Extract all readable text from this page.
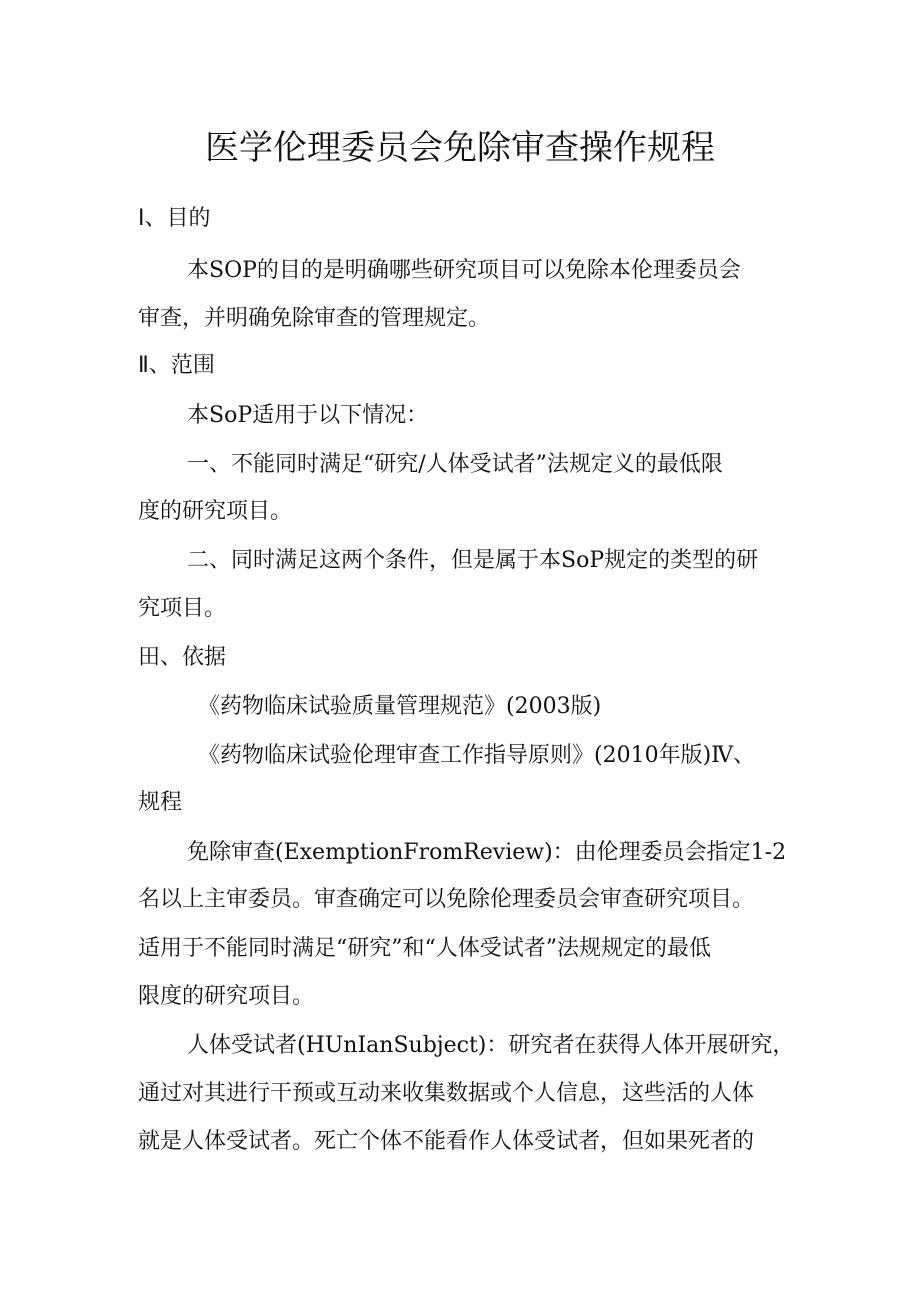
医学伦理委员会免除审查操作规程
Ⅰ、目的
本SOP的目的是明确哪些研究项目可以免除本伦理委员会
审查，并明确免除审查的管理规定。
Ⅱ、范围
本SoP适用于以下情况：
一、不能同时满足“研究/人体受试者”法规定义的最低限
度的研究项目。
二、同时满足这两个条件，但是属于本SoP规定的类型的研
究项目。
田、依据
《药物临床试验质量管理规范》(2003版)
《药物临床试验伦理审查工作指导原则》(2010年版)Ⅳ、
规程
免除审查(ExemptionFromReview)：由伦理委员会指定1-2
名以上主审委员。审查确定可以免除伦理委员会审查研究项目。
适用于不能同时满足“研究”和“人体受试者”法规规定的最低
限度的研究项目。
人体受试者(HUnIanSubject)：研究者在获得人体开展研究，
通过对其进行干预或互动来收集数据或个人信息，这些活的人体
就是人体受试者。死亡个体不能看作人体受试者，但如果死者的
